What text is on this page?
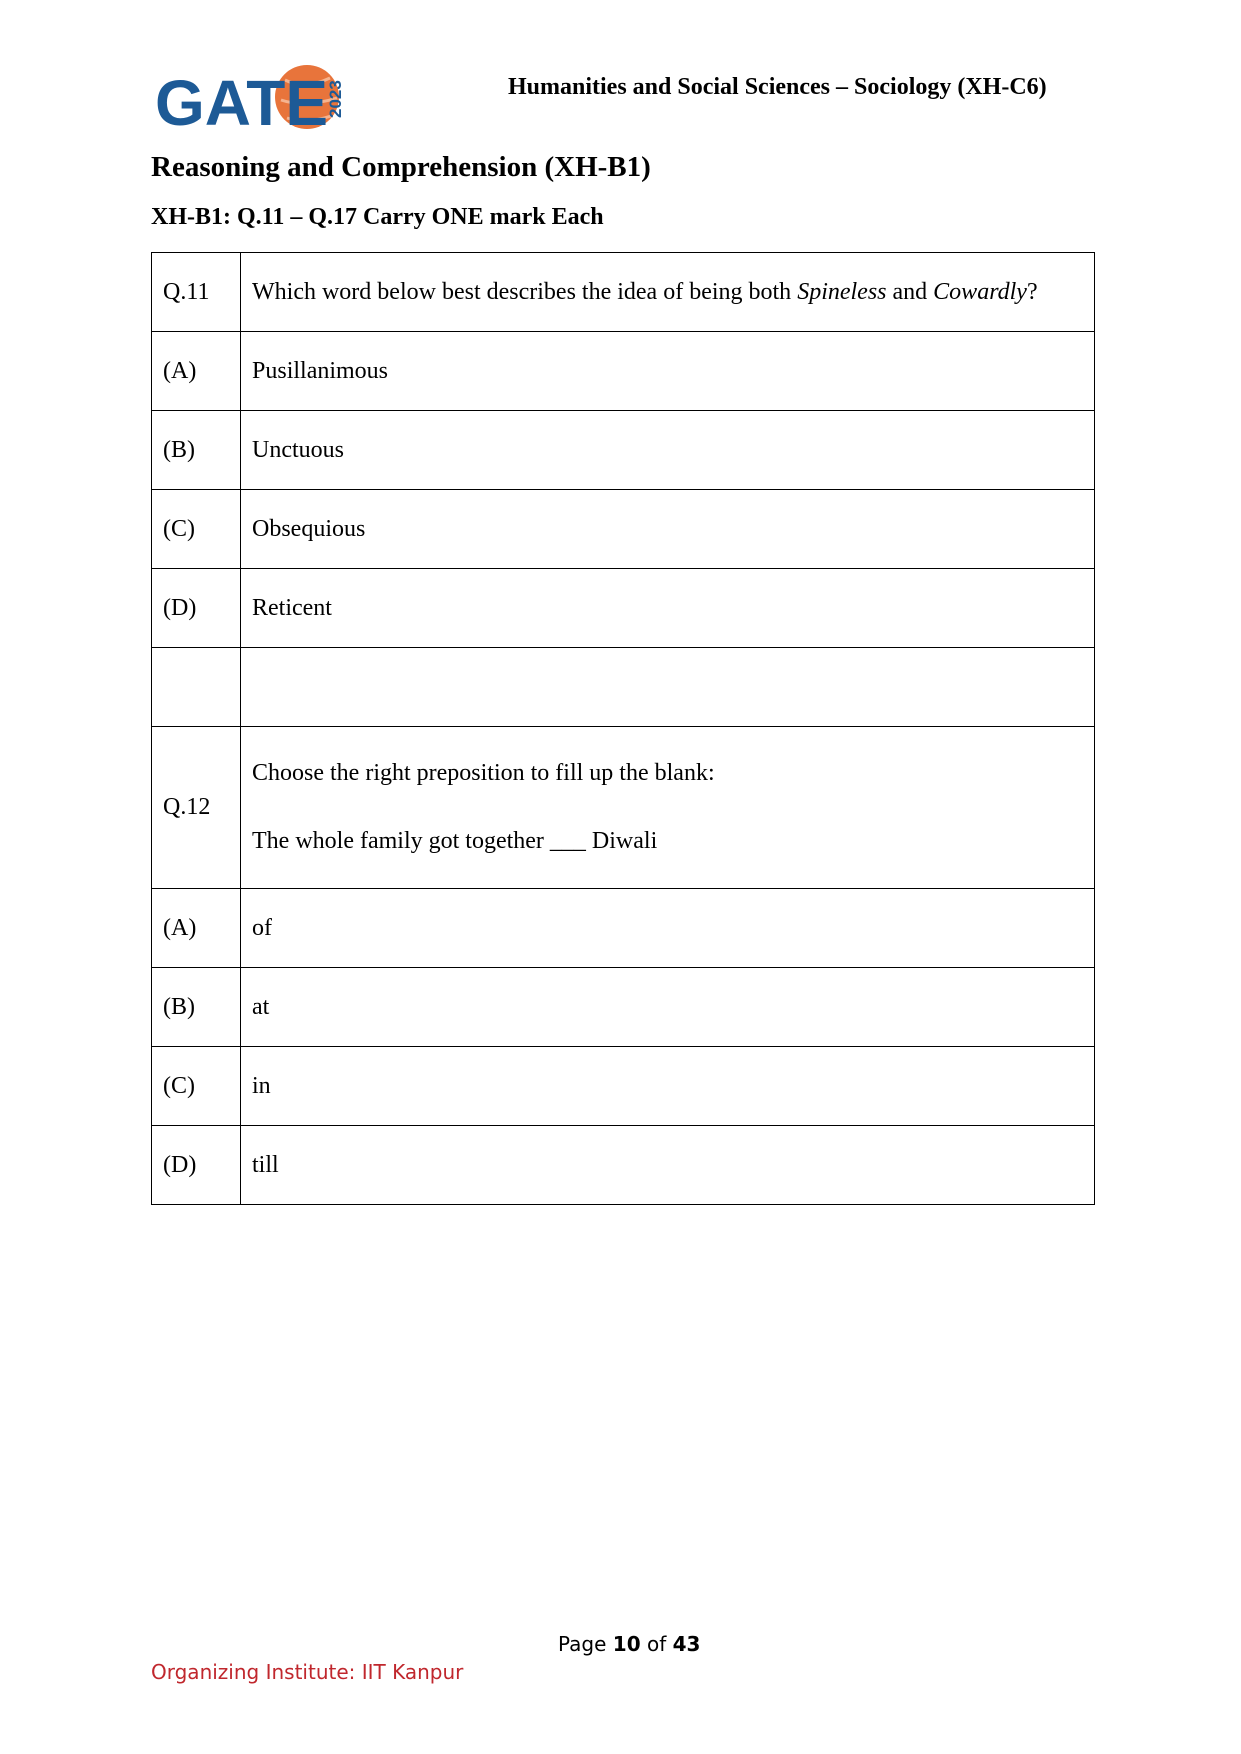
GATE
2023	Humanities and Social Sciences – Sociology (XH-C6)
Reasoning and Comprehension (XH-B1)
XH-B1: Q.11 – Q.17 Carry ONE mark Each
Q.11	Which word below best describes the idea of being both Spineless and Cowardly?
(A)	Pusillanimous
(B)	Unctuous
(C)	Obsequious
(D)	Reticent

Q.12	Choose the right preposition to fill up the blank:
The whole family got together ___ Diwali

(A)	of
(B)	at
(C)	in
(D)	till
Page 10 of 43
Organizing Institute: IIT Kanpur
